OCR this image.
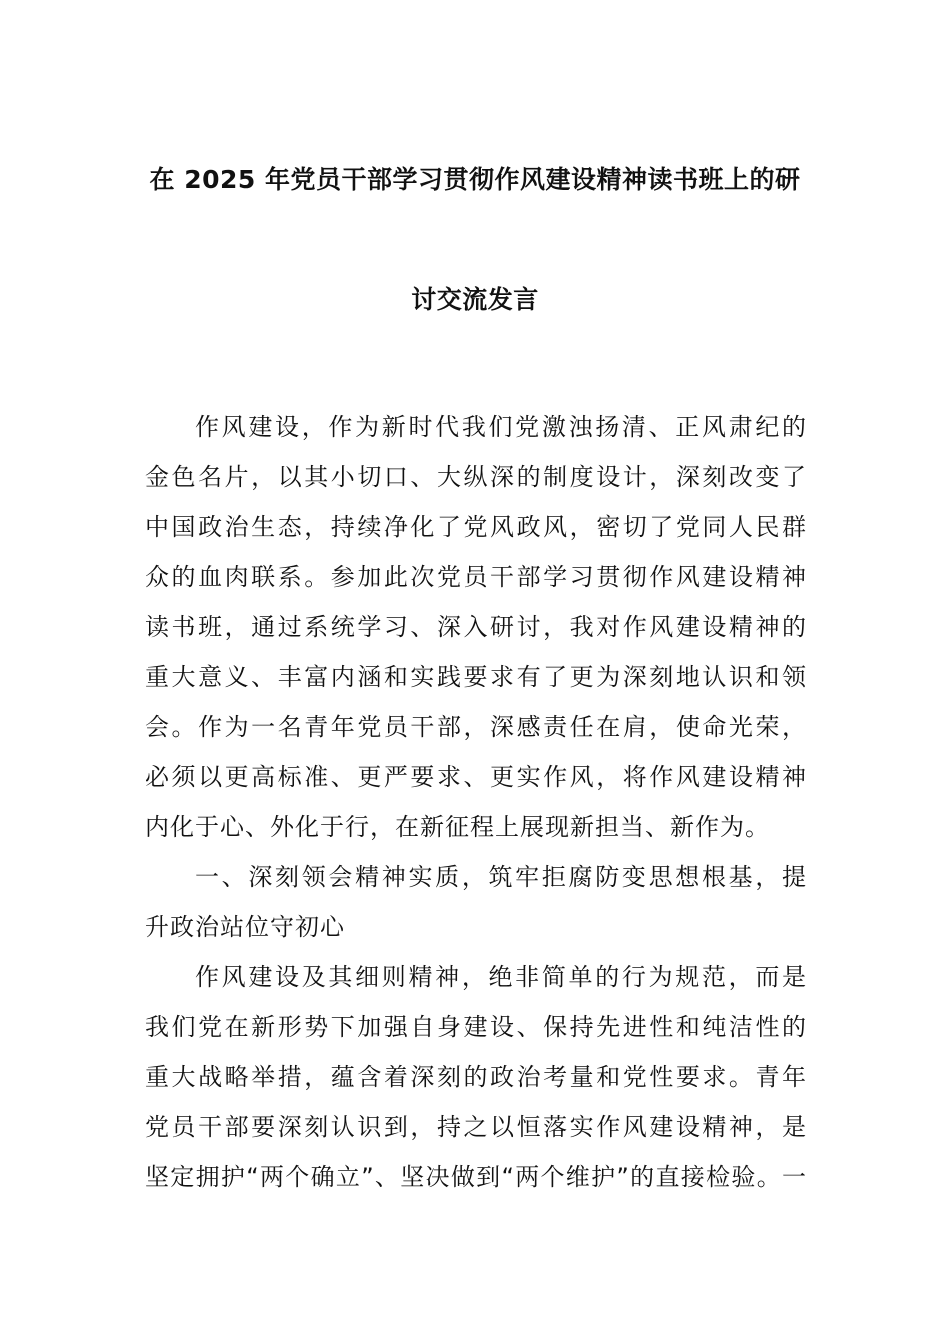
在 2025 年党员干部学习贯彻作风建设精神读书班上的研
讨交流发言
作风建设，作为新时代我们党激浊扬清、正风肃纪的
金色名片，以其小切口、大纵深的制度设计，深刻改变了
中国政治生态，持续净化了党风政风，密切了党同人民群
众的血肉联系。参加此次党员干部学习贯彻作风建设精神
读书班，通过系统学习、深入研讨，我对作风建设精神的
重大意义、丰富内涵和实践要求有了更为深刻地认识和领
会。作为一名青年党员干部，深感责任在肩，使命光荣，
必须以更高标准、更严要求、更实作风，将作风建设精神
内化于心、外化于行，在新征程上展现新担当、新作为。
一、深刻领会精神实质，筑牢拒腐防变思想根基，提
升政治站位守初心
作风建设及其细则精神，绝非简单的行为规范，而是
我们党在新形势下加强自身建设、保持先进性和纯洁性的
重大战略举措，蕴含着深刻的政治考量和党性要求。青年
党员干部要深刻认识到，持之以恒落实作风建设精神，是
坚定拥护“两个确立”、坚决做到“两个维护”的直接检验。一
